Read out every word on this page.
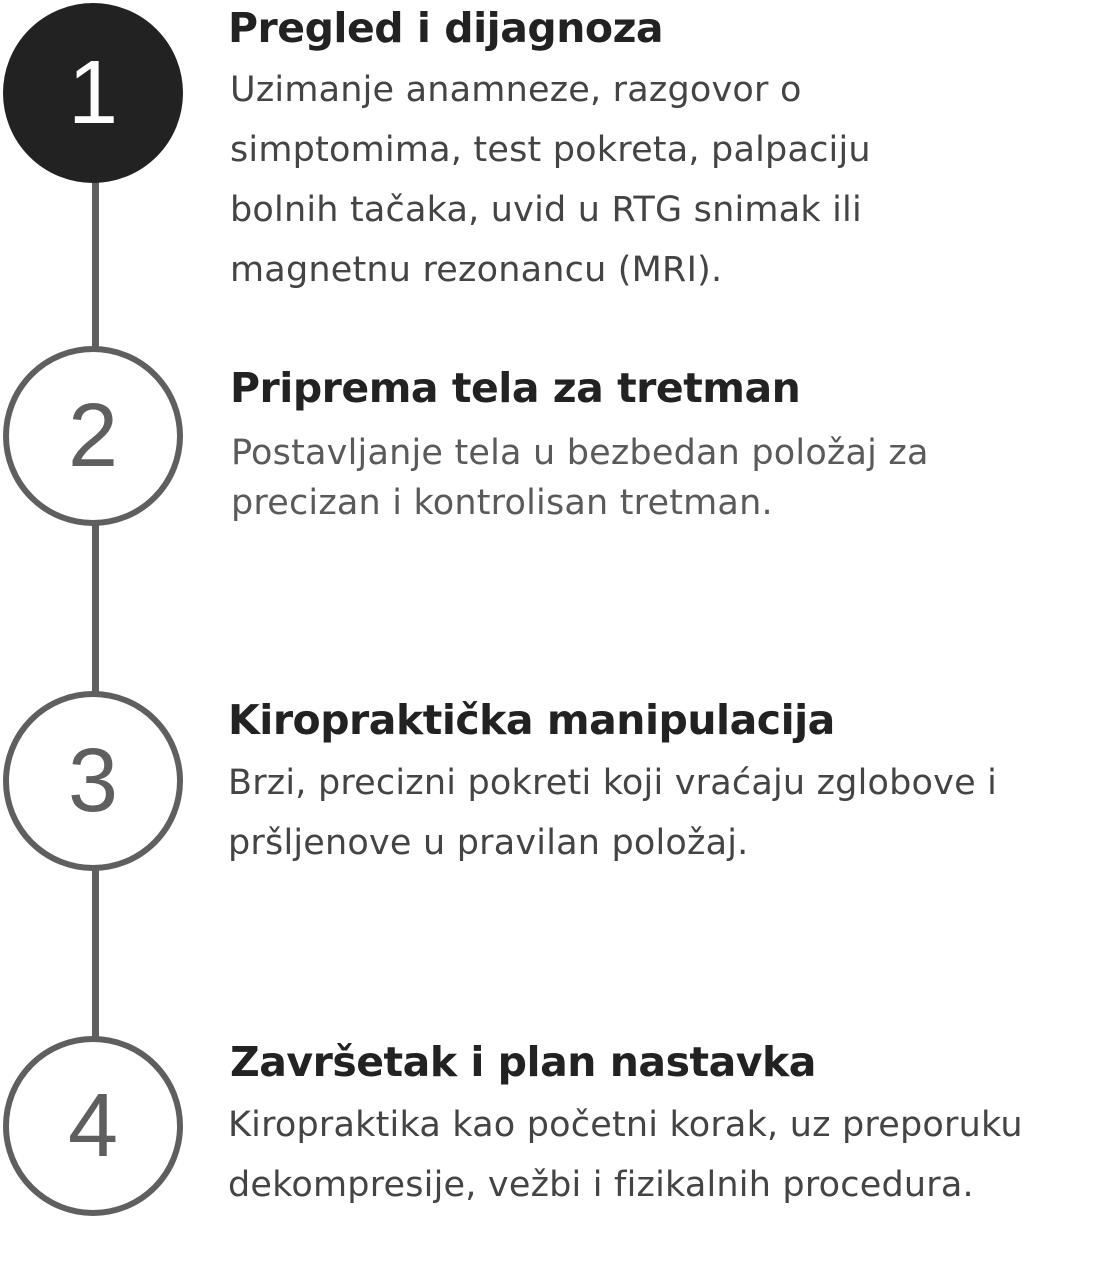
1
Pregled i dijagnoza

Uzimanje anamneze, razgovor o simptomima, test pokreta, palpaciju bolnih tačaka, uvid u RTG snimak ili magnetnu rezonancu (MRI).

2	Priprema tela za tretman

Postavljanje tela u bezbedan položaj za precizan i kontrolisan tretman.

3
Kiropraktička manipulacija

Brzi, precizni pokreti koji vraćaju zglobove i pršljenove u pravilan položaj.

4
Završetak i plan nastavka

Kiropraktika kao početni korak, uz preporuku dekompresije, vežbi i fizikalnih procedura.
